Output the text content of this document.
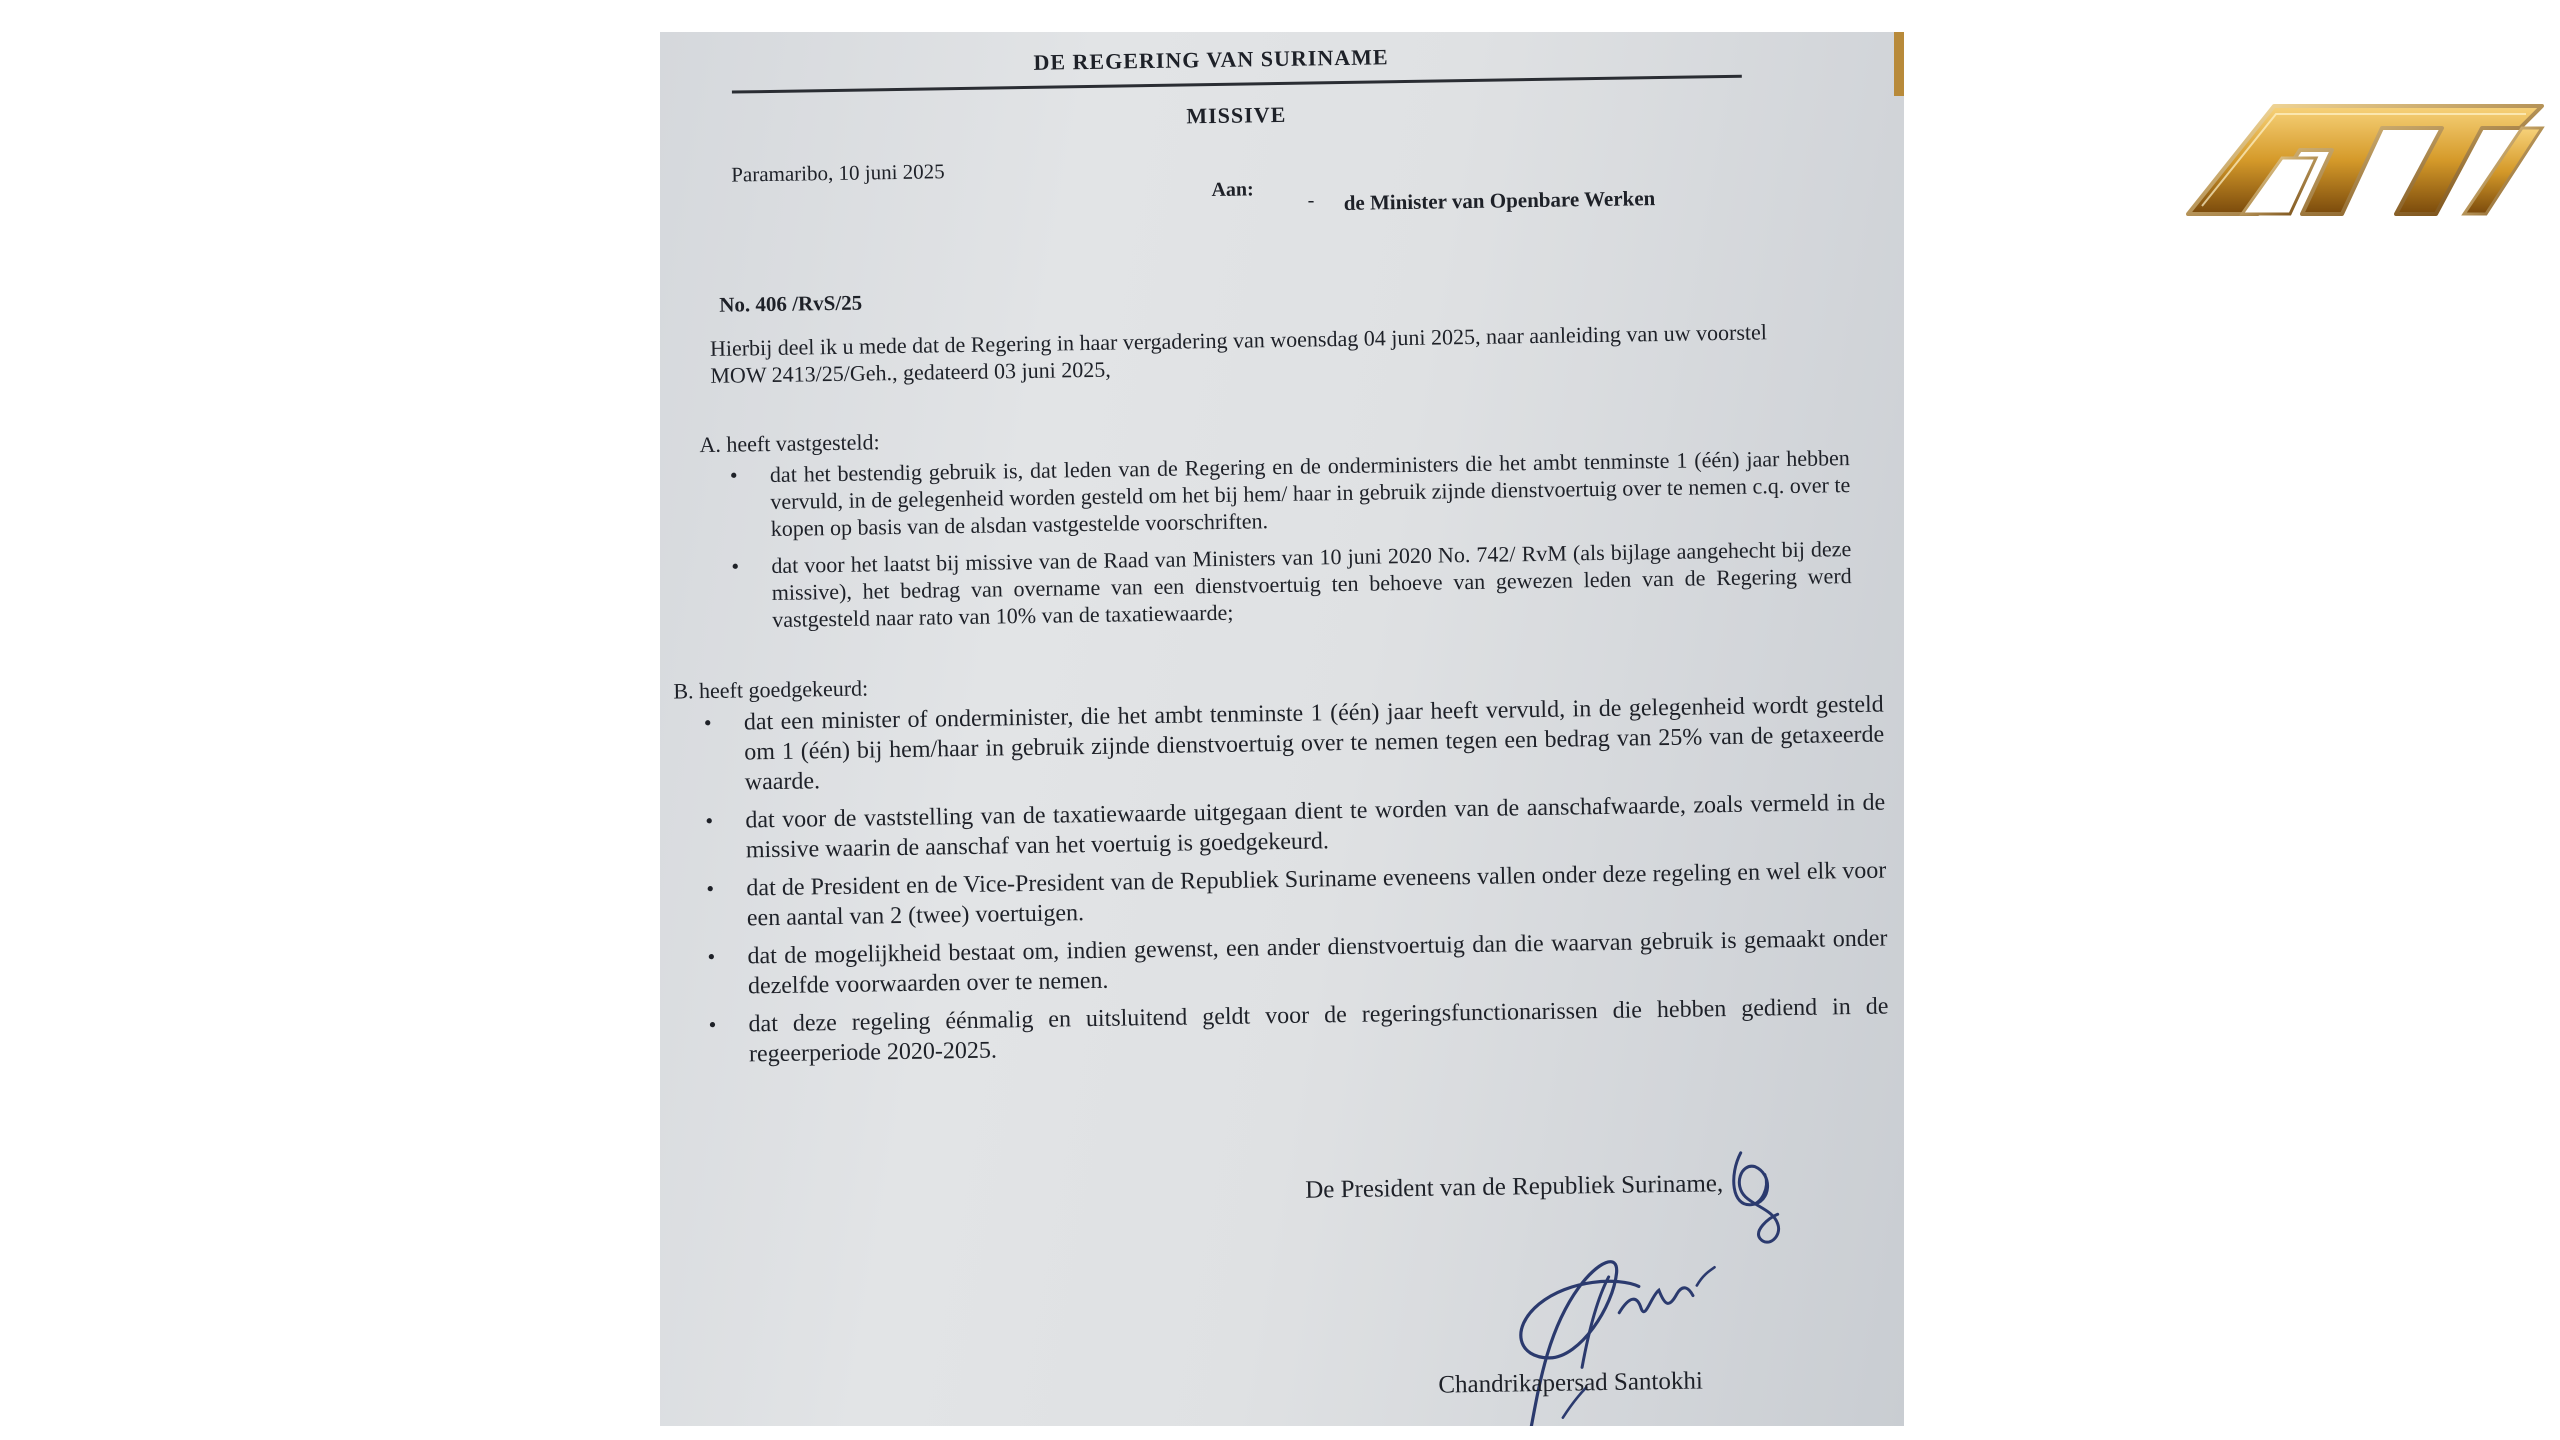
DE REGERING VAN SURINAME
MISSIVE
Paramaribo, 10 juni 2025
Aan:	- de Minister van Openbare Werken
No. 406 /RvS/25
Hierbij deel ik u mede dat de Regering in haar vergadering van woensdag 04 juni 2025, naar aanleiding van uw voorstel MOW 2413/25/Geh., gedateerd 03 juni 2025,
A. heeft vastgesteld:
• dat het bestendig gebruik is, dat leden van de Regering en de onderministers die het ambt tenminste 1 (één) jaar hebben vervuld, in de gelegenheid worden gesteld om het bij hem/ haar in gebruik zijnde dienstvoertuig over te nemen c.q. over te kopen op basis van de alsdan vastgestelde voorschriften.
• dat voor het laatst bij missive van de Raad van Ministers van 10 juni 2020 No. 742/ RvM (als bijlage aangehecht bij deze missive), het bedrag van overname van een dienstvoertuig ten behoeve van gewezen leden van de Regering werd vastgesteld naar rato van 10% van de taxatiewaarde;
B. heeft goedgekeurd:
• dat een minister of onderminister, die het ambt tenminste 1 (één) jaar heeft vervuld, in de gelegenheid wordt gesteld om 1 (één) bij hem/haar in gebruik zijnde dienstvoertuig over te nemen tegen een bedrag van 25% van de getaxeerde waarde.
• dat voor de vaststelling van de taxatiewaarde uitgegaan dient te worden van de aanschafwaarde, zoals vermeld in de missive waarin de aanschaf van het voertuig is goedgekeurd.
• dat de President en de Vice-President van de Republiek Suriname eveneens vallen onder deze regeling en wel elk voor een aantal van 2 (twee) voertuigen.
• dat de mogelijkheid bestaat om, indien gewenst, een ander dienstvoertuig dan die waarvan gebruik is gemaakt onder dezelfde voorwaarden over te nemen.
• dat deze regeling éénmalig en uitsluitend geldt voor de regeringsfunctionarissen die hebben gediend in de regeerperiode 2020-2025.
De President van de Republiek Suriname,
Chandrikapersad Santokhi
